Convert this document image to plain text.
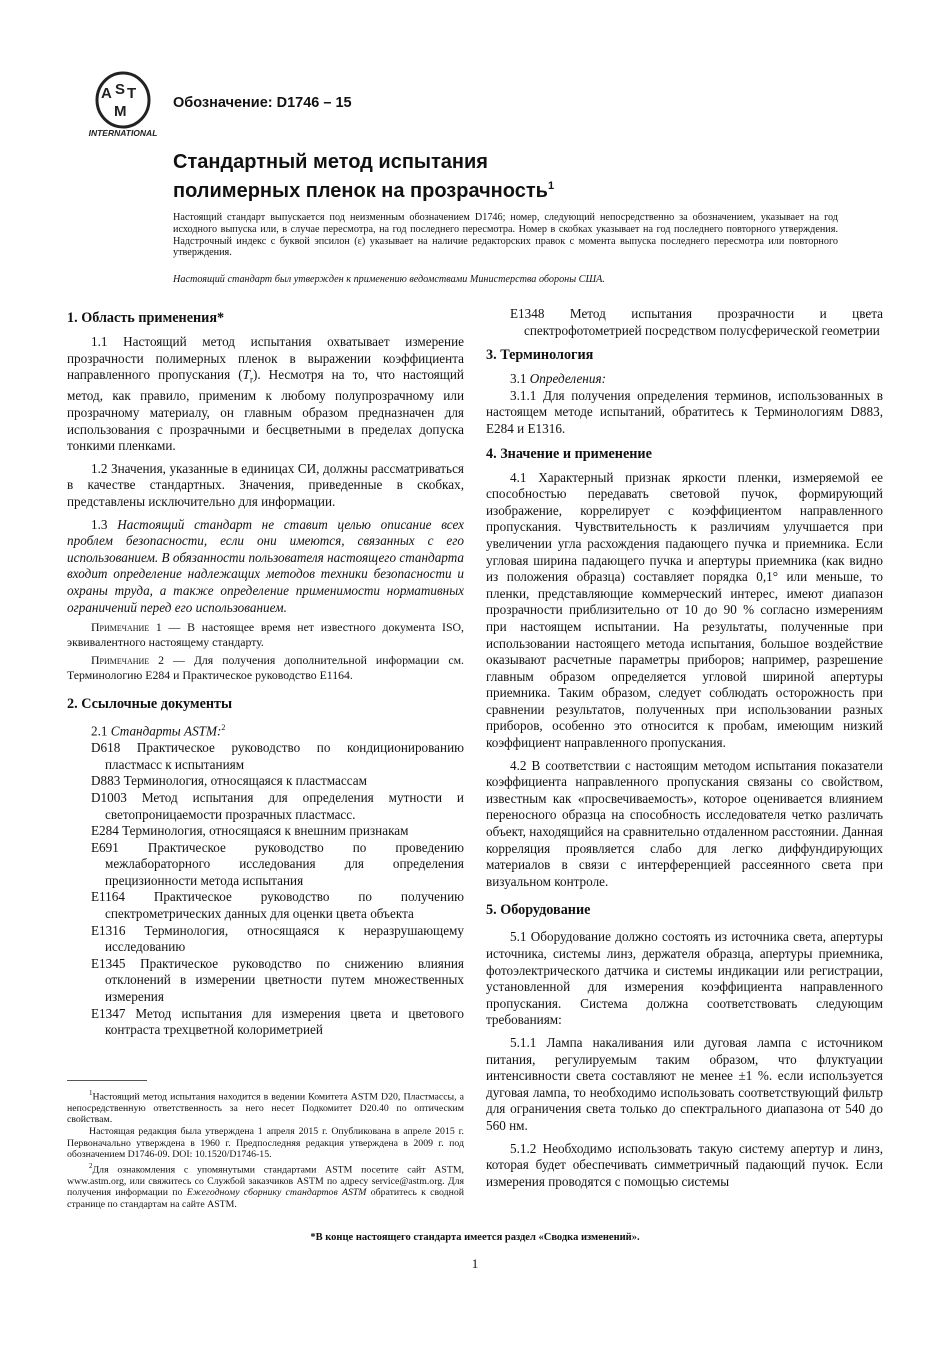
A S T
M
INTERNATIONAL
Обозначение: D1746 – 15
Стандартный метод испытания
полимерных пленок на прозрачность$^1$
Настоящий стандарт выпускается под неизменным обозначением D1746; номер, следующий непосредственно за обозначением, указывает на год исходного выпуска или, в случае пересмотра, на год последнего пересмотра. Номер в скобках указывает на год последнего повторного утверждения. Надстрочный индекс с буквой эпсилон (ε) указывает на наличие редакторских правок с момента выпуска последнего пересмотра или повторного утверждения.
Настоящий стандарт был утвержден к применению ведомствами Министерства обороны США.
1. Область применения*

1.1 Настоящий метод испытания охватывает измерение прозрачности полимерных пленок в выражении коэффициента направленного пропускания $(T_r)$. Несмотря на то, что настоящий метод, как правило, применим к любому полупрозрачному или прозрачному материалу, он главным образом предназначен для использования с прозрачными и бесцветными в пределах допуска тонкими пленками.

1.2 Значения, указанные в единицах СИ, должны рассматриваться в качестве стандартных. Значения, приведенные в скобках, представлены исключительно для информации.

1.3 Настоящий стандарт не ставит целью описание всех проблем безопасности, если они имеются, связанных с его использованием. В обязанности пользователя настоящего стандарта входит определение надлежащих методов техники безопасности и охраны труда, а также определение применимости нормативных ограничений перед его использованием.

Примечание 1 — В настоящее время нет известного документа ISO, эквивалентного настоящему стандарту.

Примечание 2 — Для получения дополнительной информации см. Терминологию E284 и Практическое руководство E1164.

2. Ссылочные документы

2.1 Стандарты ASTM:$^2$

D618 Практическое руководство по кондиционированию пластмасс к испытаниям

D883 Терминология, относящаяся к пластмассам

D1003 Метод испытания для определения мутности и светопроницаемости прозрачных пластмасс.

E284 Терминология, относящаяся к внешним признакам

E691 Практическое руководство по проведению межлабораторного исследования для определения прецизионности метода испытания

E1164 Практическое руководство по получению спектрометрических данных для оценки цвета объекта

E1316 Терминология, относящаяся к неразрушающему исследованию

E1345 Практическое руководство по снижению влияния отклонений в измерении цветности путем множественных измерения

E1347 Метод испытания для измерения цвета и цветового контраста трехцветной колориметрией

$^1$Настоящий метод испытания находится в ведении Комитета ASTM D20, Пластмассы, а непосредственную ответственность за него несет Подкомитет D20.40 по оптическим свойствам.

Настоящая редакция была утверждена 1 апреля 2015 г. Опубликована в апреле 2015 г. Первоначально утверждена в 1960 г. Предпоследняя редакция утверждена в 2009 г. под обозначением D1746-09. DOI: 10.1520/D1746-15.

$^2$Для ознакомления с упомянутыми стандартами ASTM посетите сайт ASTM, www.astm.org, или свяжитесь со Службой заказчиков ASTM по адресу service@astm.org. Для получения информации по Ежегодному сборнику стандартов ASTM обратитесь к сводной странице по стандартам на сайте ASTM.

E1348 Метод испытания прозрачности и цвета спектрофотометрией посредством полусферической геометрии

3. Терминология

3.1 Определения:

3.1.1 Для получения определения терминов, использованных в настоящем методе испытаний, обратитесь к Терминологиям D883, E284 и E1316.

4. Значение и применение

4.1 Характерный признак яркости пленки, измеряемой ее способностью передавать световой пучок, формирующий изображение, коррелирует с коэффициентом направленного пропускания. Чувствительность к различиям улучшается при увеличении угла расхождения падающего пучка и приемника. Если угловая ширина падающего пучка и апертуры приемника (как видно из положения образца) составляет порядка 0,1° или меньше, то пленки, представляющие коммерческий интерес, имеют диапазон прозрачности приблизительно от 10 до 90 % согласно измерениям при настоящем испытании. На результаты, полученные при использовании настоящего метода испытания, большое воздействие оказывают расчетные параметры приборов; например, разрешение главным образом определяется угловой шириной апертуры приемника. Таким образом, следует соблюдать осторожность при сравнении результатов, полученных при использовании разных приборов, особенно это относится к пробам, имеющим низкий коэффициент направленного пропускания.

4.2 В соответствии с настоящим методом испытания показатели коэффициента направленного пропускания связаны со свойством, известным как «просвечиваемость», которое оценивается влиянием переносного образца на способность исследователя четко различать объект, находящийся на сравнительно отдаленном расстоянии. Данная корреляция проявляется слабо для легко диффундирующих материалов в связи с интерференцией рассеянного света при визуальном контроле.

5. Оборудование

5.1 Оборудование должно состоять из источника света, апертуры источника, системы линз, держателя образца, апертуры приемника, фотоэлектрического датчика и системы индикации или регистрации, установленной для измерения коэффициента направленного пропускания. Система должна соответствовать следующим требованиям:

5.1.1 Лампа накаливания или дуговая лампа с источником питания, регулируемым таким образом, что флуктуации интенсивности света составляют не менее ±1 %. если используется дуговая лампа, то необходимо использовать соответствующий фильтр для ограничения света только до спектрального диапазона от 540 до 560 нм.

5.1.2 Необходимо использовать такую систему апертур и линз, которая будет обеспечивать симметричный падающий пучок. Если измерения проводятся с помощью системы

*В конце настоящего стандарта имеется раздел «Сводка изменений».
1
